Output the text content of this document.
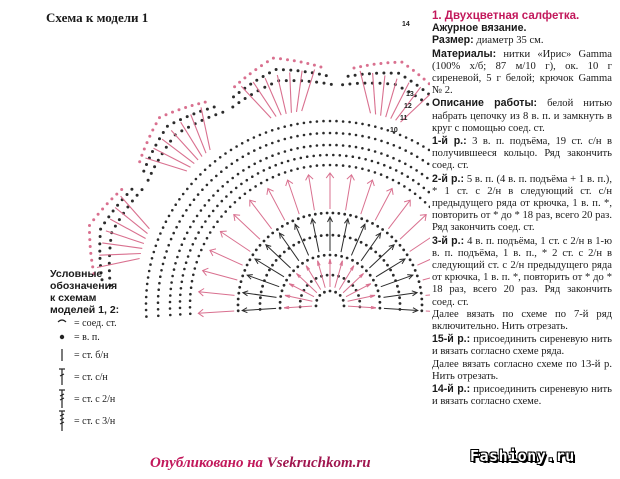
Схема к модели 1	14
13
12
11
10
Условные
обозначения
к схемам
моделей 1, 2:
= соед. ст.
= в. п.
= ст. б/н
= ст. с/н
= ст. с 2/н
= ст. с 3/н

1. Двухцветная салфетка.

Ажурное вязание.

Размер: диаметр 35 см.

Материалы: нитки «Ирис» Gamma (100% х/б; 87 м/10 г), ок. 10 г сиреневой, 5 г белой; крючок Gamma № 2.

Описание работы: белой нитью набрать цепочку из 8 в. п. и замкнуть в круг с помощью соед. ст.

1-й р.: 3 в. п. подъёма, 19 ст. с/н в получившееся кольцо. Ряд закончить соед. ст.

2-й р.: 5 в. п. (4 в. п. подъёма + 1 в. п.), * 1 ст. с 2/н в следующий ст. с/н предыдущего ряда от крючка, 1 в. п. *, повторить от * до * 18 раз, всего 20 раз. Ряд закончить соед. ст.

3-й р.: 4 в. п. подъёма, 1 ст. с 2/н в 1-ю в. п. подъёма, 1 в. п., * 2 ст. с 2/н в следующий ст. с 2/н предыдущего ряда от крючка, 1 в. п. *, повторить от * до * 18 раз, всего 20 раз. Ряд закончить соед. ст.

Далее вязать по схеме по 7-й ряд включительно. Нить отрезать.

15-й р.: присоединить сиреневую нить и вязать согласно схеме ряда.

Далее вязать согласно схеме по 13-й р. Нить отрезать.

14-й р.: присоединить сиреневую нить и вязать согласно схеме.

Опубликовано на Vsekruchkom.ru	Fashiony.ru
